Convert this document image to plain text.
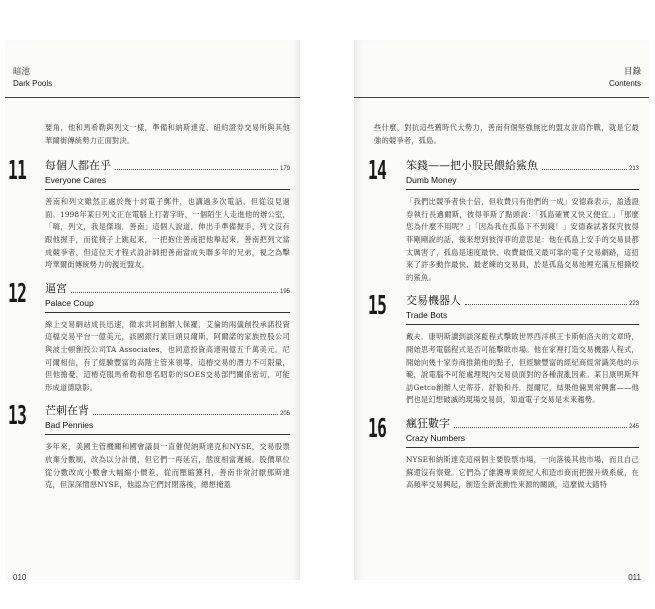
暗池
Dark Pools
要角，他和馬希勒與列文一樣，準備和納斯達克、紐約證券交易所與其他華爾街傳統勢力正面對決。
11 每個人都在乎	179
Everyone Cares
善南和列文雖然正處於幾十封電子郵件，也講過多次電話，但從沒見過面。1998年某日列文正在電腦上打著字時，一個陌生人走進他的辦公室，「嗨，列文，我是傑瑞．善南」這個人說道，伸出手準備握手，列文沒有跟他握手，而從椅子上跳起來，一把抱住善南把他舉起來。善南把列文當成競爭者，但這位天才程式設計師把善南當成失聯多年的兄弟，視之為擊垮華爾街傳統勢力的親近盟友。
12 逼宮	195
Palace Coup
線上交易網站成長迅速，徵求共同創辦人保羅．艾倫的兩儀創投承諾投資這檔交易平台一億美元，該國銀行業巨頭貝爾斯，阿爾諾的家族控股公司與波士頓創投公司TA Associates，也同意投資高達兩億五千萬美元。尼可爾相信，有了經驗豐富的高階主管來領導，這樁交易的潛力不可限量，但他擔憂，這樁克服馬希勒和惡名昭彰的SOES交易部門關係密切，可能形成道德陰影。
13 芒刺在背	205
Bad Pennies
多年來，美國主管機關和國會議員一直催促納斯達克和NYSE，交易股票放棄分數制，改為以分計價，但它們一再延宕，態度相當遲緩。股價單位從分數改成小數會大幅縮小價差，從而壓縮獲利，善南非常討厭那斯達克，但深深憎惡NYSE，他認為它們封閉落後，總想掩蓋
010
目錄
Contents
些什麼，對抗這些舊時代大勢力，善南有個堅強無比的盟友並肩作戰，就是它最強的競爭者，孤島。
14 笨錢——把小股民餵給鯊魚	213
Dumb Money
「我們比競爭者快十倍，但收費只有他們的一成」安德森表示，盈透證券執行長邁爾斯，彼得菲斯了點頭說：「孤島確實又快又便宜。」「那麼您為什麼不用呢？」「因為我在孤島下不到錢！」安德森試著探究彼得菲剛剛說的話，後來想到彼得菲的意思是：他在孤島上安手的交易員都太厲害了，孤島是速度最快、收費最低又最可靠的電子交易網路，這招來了許多動作最快、最老練的交易員，於是孤島交易池裡充滿互相撕咬的鯊魚。
15 交易機器人	223
Trade Bots
戴夫．康明斯讀到談深藍程式擊敗世界西洋棋王卡斯帕洛夫的文章時，開始思考電腦程式是否可能擊敗市場。他在家裡打造交易機器人程式，開始向幾十家券商推銷他的點子，但經驗豐富的經紀商經常識笑他的示範，說電腦不可能處理現內交易員面對的各種混亂因素。某日康明斯拜訪Getco創辦人史蒂芬．舒勒和丹．提爾尼，結果他倆異常興奮——他們也是幻想破滅的現場交易員，知道電子交易是未來趨勢。
16 瘋狂數字	245
Crazy Numbers
NYSE和納斯達克這兩個主要股票市場，一向落後其他市場，而且自己蘇還沒有察覺。它們為了維護專業經紀人和造市商而把握升級系統，在高頻率交易興起，創造全新流動性來源的關頭，這麼做大錯特
011
